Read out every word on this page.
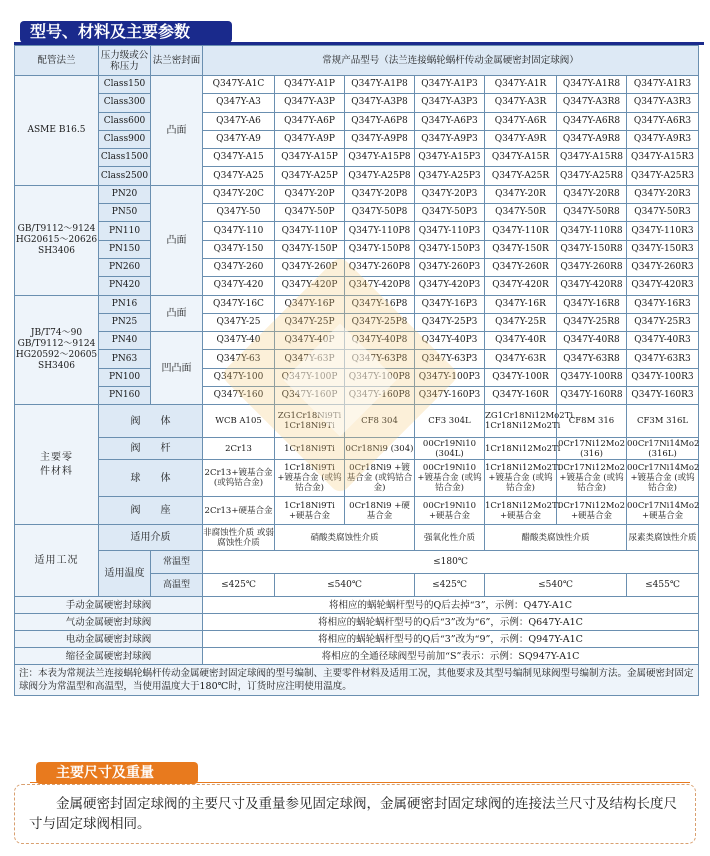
型号、材料及主要参数
配管法兰	压力级或公称压力	法兰密封面	常规产品型号（法兰连接蜗轮蜗杆传动金属硬密封固定球阀）						
ASME B16.5	Class150	凸面	Q347Y-A1C	Q347Y-A1P	Q347Y-A1P8	Q347Y-A1P3	Q347Y-A1R	Q347Y-A1R8	Q347Y-A1R3
	Class300		Q347Y-A3	Q347Y-A3P	Q347Y-A3P8	Q347Y-A3P3	Q347Y-A3R	Q347Y-A3R8	Q347Y-A3R3
	Class600		Q347Y-A6	Q347Y-A6P	Q347Y-A6P8	Q347Y-A6P3	Q347Y-A6R	Q347Y-A6R8	Q347Y-A6R3
	Class900		Q347Y-A9	Q347Y-A9P	Q347Y-A9P8	Q347Y-A9P3	Q347Y-A9R	Q347Y-A9R8	Q347Y-A9R3
	Class1500		Q347Y-A15	Q347Y-A15P	Q347Y-A15P8	Q347Y-A15P3	Q347Y-A15R	Q347Y-A15R8	Q347Y-A15R3
	Class2500		Q347Y-A25	Q347Y-A25P	Q347Y-A25P8	Q347Y-A25P3	Q347Y-A25R	Q347Y-A25R8	Q347Y-A25R3
GB/T9112～9124 HG20615～20626 SH3406	PN20	凸面	Q347Y-20C	Q347Y-20P	Q347Y-20P8	Q347Y-20P3	Q347Y-20R	Q347Y-20R8	Q347Y-20R3
	PN50		Q347Y-50	Q347Y-50P	Q347Y-50P8	Q347Y-50P3	Q347Y-50R	Q347Y-50R8	Q347Y-50R3
	PN110		Q347Y-110	Q347Y-110P	Q347Y-110P8	Q347Y-110P3	Q347Y-110R	Q347Y-110R8	Q347Y-110R3
	PN150		Q347Y-150	Q347Y-150P	Q347Y-150P8	Q347Y-150P3	Q347Y-150R	Q347Y-150R8	Q347Y-150R3
	PN260		Q347Y-260	Q347Y-260P	Q347Y-260P8	Q347Y-260P3	Q347Y-260R	Q347Y-260R8	Q347Y-260R3
	PN420		Q347Y-420	Q347Y-420P	Q347Y-420P8	Q347Y-420P3	Q347Y-420R	Q347Y-420R8	Q347Y-420R3
JB/T74～90 GB/T9112～9124 HG20592～20605 SH3406	PN16	凸面	Q347Y-16C	Q347Y-16P	Q347Y-16P8	Q347Y-16P3	Q347Y-16R	Q347Y-16R8	Q347Y-16R3
	PN25		Q347Y-25	Q347Y-25P	Q347Y-25P8	Q347Y-25P3	Q347Y-25R	Q347Y-25R8	Q347Y-25R3
	PN40	凹凸面	Q347Y-40	Q347Y-40P	Q347Y-40P8	Q347Y-40P3	Q347Y-40R	Q347Y-40R8	Q347Y-40R3
	PN63		Q347Y-63	Q347Y-63P	Q347Y-63P8	Q347Y-63P3	Q347Y-63R	Q347Y-63R8	Q347Y-63R3
	PN100		Q347Y-100	Q347Y-100P	Q347Y-100P8	Q347Y-100P3	Q347Y-100R	Q347Y-100R8	Q347Y-100R3
	PN160		Q347Y-160	Q347Y-160P	Q347Y-160P8	Q347Y-160P3	Q347Y-160R	Q347Y-160R8	Q347Y-160R3
主要零件材料	阀　　体		WCB A105	ZG1Cr18Ni9Ti 1Cr18Ni9Ti	CF8 304	CF3 304L	ZG1Cr18Ni12Mo2Ti 1Cr18Ni12Mo2Ti	CF8M 316	CF3M 316L
	阀　　杆		2Cr13	1Cr18Ni9Ti	0Cr18Ni9 (304)	00Cr19Ni10 (304L)	1Cr18Ni12Mo2Ti	0Cr17Ni12Mo2 (316)	00Cr17Ni14Mo2 (316L)
	球　　体		2Cr13+镀基合金 (或钨钴合金)	1Cr18Ni9Ti +镀基合金 (或钨钴合金)	0Cr18Ni9 +镀基合金 (或钨钴合金)	00Cr19Ni10 +镀基合金 (或钨钴合金)	1Cr18Ni12Mo2Ti +镀基合金 (或钨钴合金)	0Cr17Ni12Mo2 +镀基合金 (或钨钴合金)	00Cr17Ni14Mo2 +镀基合金 (或钨钴合金)
	阀　　座		2Cr13+硬基合金	1Cr18Ni9Ti +硬基合金	0Cr18Ni9 +硬基合金	00Cr19Ni10 +硬基合金	1Cr18Ni12Mo2Ti +硬基合金	0Cr17Ni12Mo2 +硬基合金	00Cr17Ni14Mo2 +硬基合金
适用工况	适用介质		非腐蚀性介质 或弱腐蚀性介质	硝酸类腐蚀性介质		强氧化性介质	醋酸类腐蚀性介质		尿素类腐蚀性介质
	适用温度	常温型	≤180℃						
		高温型	≤425℃	≤540℃		≤425℃	≤540℃		≤455℃
手动金属硬密封球阀			将相应的蜗轮蜗杆型号的Q后去掉“3”，示例：Q47Y-A1C						
气动金属硬密封球阀			将相应的蜗轮蜗杆型号的Q后“3”改为“6”，示例：Q647Y-A1C						
电动金属硬密封球阀			将相应的蜗轮蜗杆型号的Q后“3”改为“9”，示例：Q947Y-A1C						
缩径金属硬密封球阀			将相应的全通径球阀型号前加“S”表示：示例：SQ947Y-A1C						
注：本表为常规法兰连接蜗轮蜗杆传动金属硬密封固定球阀的型号编制、主要零件材料及适用工况，其他要求及其型号编制见球阀型号编制方法。金属硬密封固定球阀分为常温型和高温型，当使用温度大于180℃时，订货时应注明使用温度。									
主要尺寸及重量
金属硬密封固定球阀的主要尺寸及重量参见固定球阀，金属硬密封固定球阀的连接法兰尺寸及结构长度尺寸与固定球阀相同。
